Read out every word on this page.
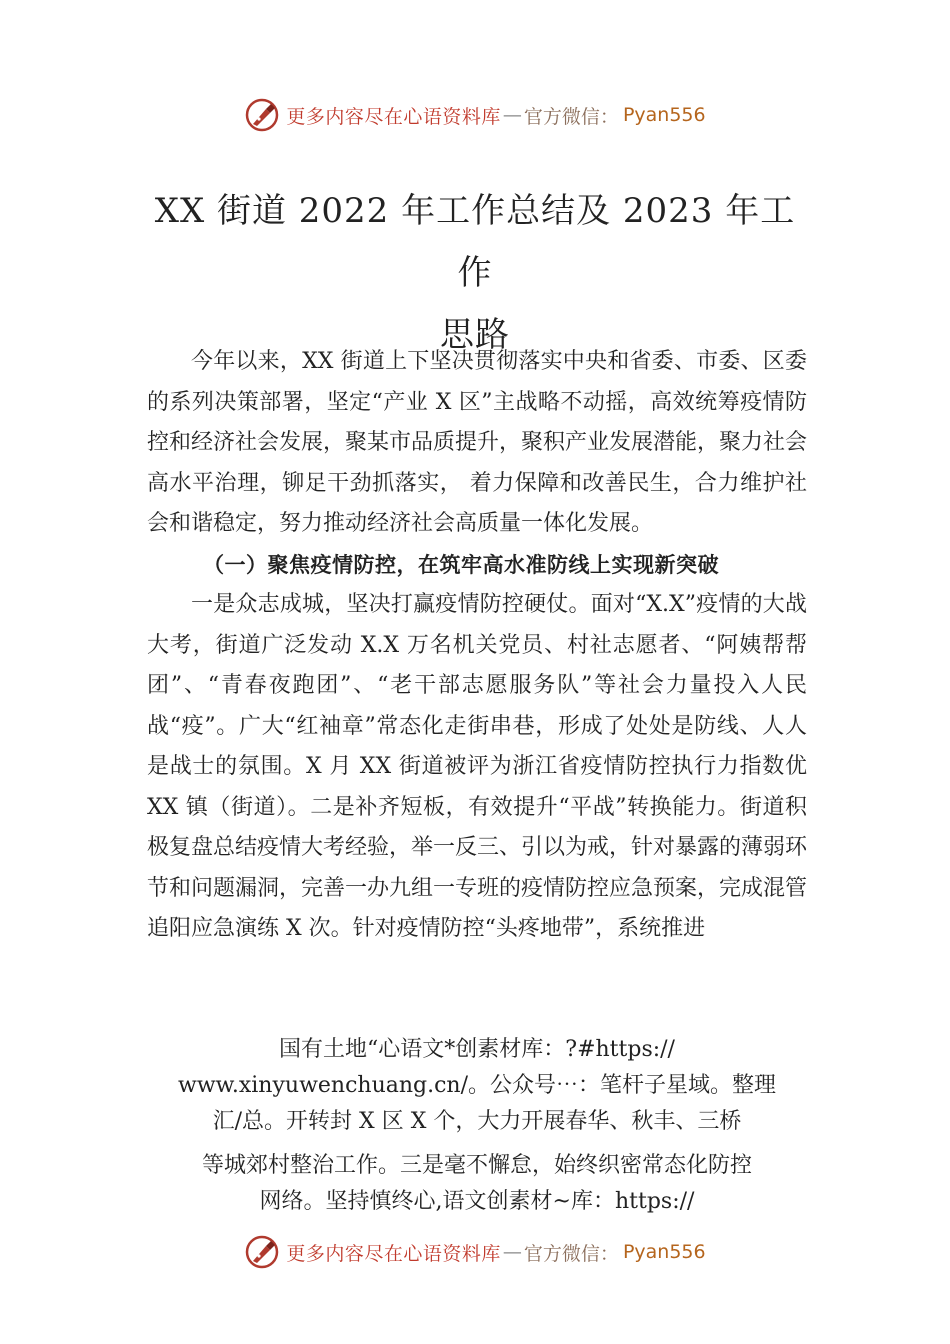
更多内容尽在心语资料库 — 官方微信： Pyan556
XX 街道 2022 年工作总结及 2023 年工作
思路

今年以来，XX 街道上下坚决贯彻落实中央和省委、市委、区委的系列决策部署，坚定“产业 X 区”主战略不动摇，高效统筹疫情防控和经济社会发展，聚某市品质提升，聚积产业发展潜能，聚力社会高水平治理，铆足干劲抓落实， 着力保障和改善民生，合力维护社会和谐稳定，努力推动经济社会高质量一体化发展。

（一）聚焦疫情防控，在筑牢高水准防线上实现新突破

一是众志成城，坚决打赢疫情防控硬仗。面对“X.X”疫情的大战大考，街道广泛发动 X.X 万名机关党员、村社志愿者、“阿姨帮帮团”、“青春夜跑团”、“老干部志愿服务队”等社会力量投入人民战“疫”。广大“红袖章”常态化走街串巷，形成了处处是防线、人人是战士的氛围。X 月 XX 街道被评为浙江省疫情防控执行力指数优 XX 镇（街道）。二是补齐短板，有效提升“平战”转换能力。街道积极复盘总结疫情大考经验，举一反三、引以为戒，针对暴露的薄弱环节和问题漏洞，完善一办九组一专班的疫情防控应急预案，完成混管追阳应急演练 X 次。针对疫情防控“头疼地带”，系统推进

国有土地“心语文*创素材库：?#https://

www.xinyuwenchuang.cn/。公众号⋯：笔杆子星域。整理

汇/总。开转封 X 区 X 个，大力开展春华、秋丰、三桥

等城郊村整治工作。三是毫不懈怠，始终织密常态化防控

网络。坚持慎终心,语文创素材~库：https://

更多内容尽在心语资料库 — 官方微信： Pyan556
